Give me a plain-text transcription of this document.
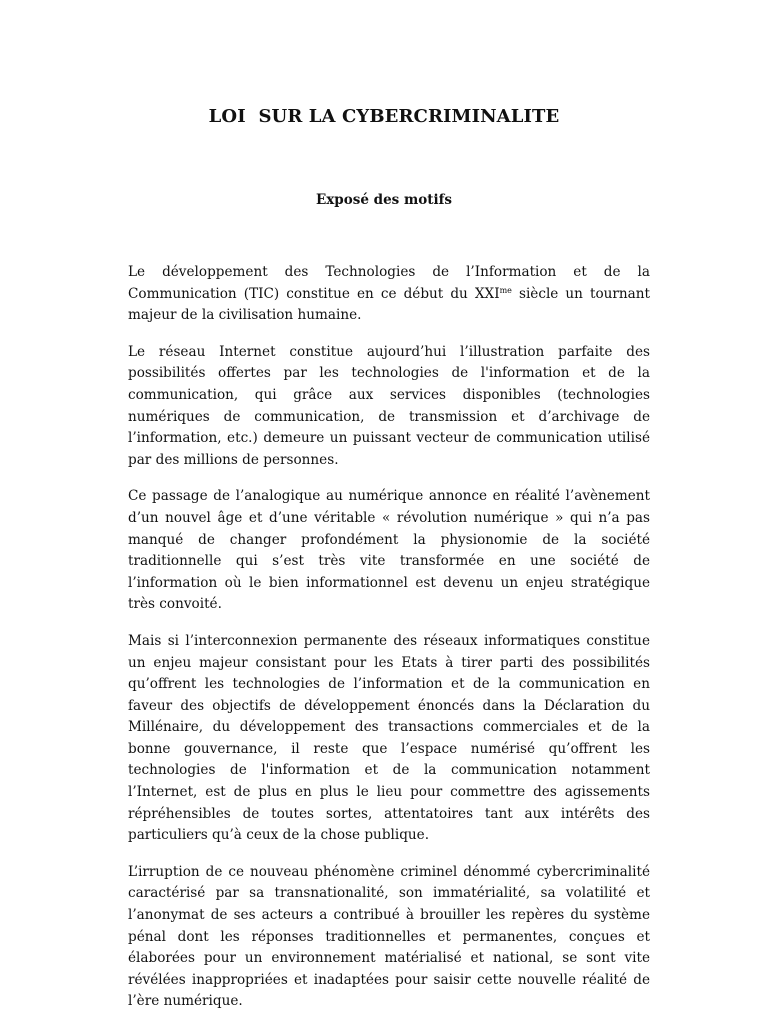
LOI  SUR LA CYBERCRIMINALITE
Exposé des motifs

Le développement des Technologies de l’Information et de la Communication (TIC) constitue en ce début du $XXI^{me}$ siècle un tournant majeur de la civilisation humaine.

Le réseau Internet constitue aujourd’hui l’illustration parfaite des possibilités offertes par les technologies de l'information et de la communication, qui grâce aux services disponibles (technologies numériques de communication, de transmission et d’archivage de l’information, etc.) demeure un puissant vecteur de communication utilisé par des millions de personnes.

Ce passage de l’analogique au numérique annonce en réalité l’avènement d’un nouvel âge et d’une véritable « révolution numérique » qui n’a pas manqué de changer profondément la physionomie de la société traditionnelle qui s’est très vite transformée en une société de l’information où le bien informationnel est devenu un enjeu stratégique très convoité.

Mais si l’interconnexion permanente des réseaux informatiques constitue un enjeu majeur consistant pour les Etats à tirer parti des possibilités qu’offrent les technologies de l’information et de la communication en faveur des objectifs de développement énoncés dans la Déclaration du Millénaire, du développement des transactions commerciales et de la bonne gouvernance, il reste que l’espace numérisé qu’offrent les technologies de l'information et de la communication notamment l’Internet, est de plus en plus le lieu pour commettre des agissements répréhensibles de toutes sortes, attentatoires tant aux intérêts des particuliers qu’à ceux de la chose publique.

L’irruption de ce nouveau phénomène criminel dénommé cybercriminalité caractérisé par sa transnationalité, son immatérialité, sa volatilité et l’anonymat de ses acteurs a contribué à brouiller les repères du système pénal dont les réponses traditionnelles et permanentes, conçues et élaborées pour un environnement matérialisé et national, se sont vite révélées inappropriées et inadaptées pour saisir cette nouvelle réalité de l’ère numérique.
